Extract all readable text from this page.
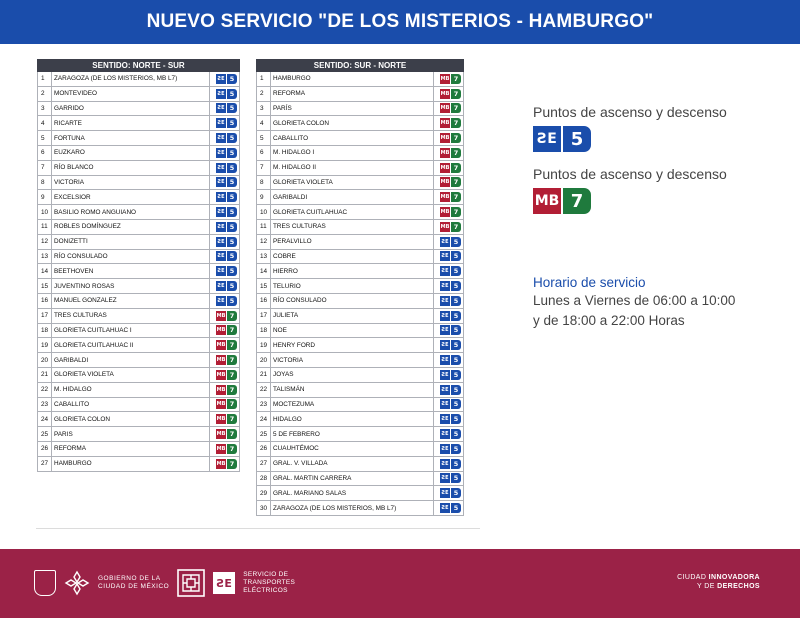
NUEVO SERVICIO "DE LOS MISTERIOS - HAMBURGO"
SENTIDO: NORTE - SUR		
1	ZARAGOZA (DE LOS MISTERIOS, MB L7)	ƧE 5
2	MONTEVIDEO	ƧE 5
3	GARRIDO	ƧE 5
4	RICARTE	ƧE 5
5	FORTUNA	ƧE 5
6	EUZKARO	ƧE 5
7	RÍO BLANCO	ƧE 5
8	VICTORIA	ƧE 5
9	EXCELSIOR	ƧE 5
10	BASILIO ROMO ANGUIANO	ƧE 5
11	ROBLES DOMÍNGUEZ	ƧE 5
12	DONIZETTI	ƧE 5
13	RÍO CONSULADO	ƧE 5
14	BEETHOVEN	ƧE 5
15	JUVENTINO ROSAS	ƧE 5
16	MANUEL GONZALEZ	ƧE 5
17	TRES CULTURAS	MB 7
18	GLORIETA CUITLAHUAC I	MB 7
19	GLORIETA CUITLAHUAC II	MB 7
20	GARIBALDI	MB 7
21	GLORIETA VIOLETA	MB 7
22	M. HIDALGO	MB 7
23	CABALLITO	MB 7
24	GLORIETA COLON	MB 7
25	PARIS	MB 7
26	REFORMA	MB 7
27	HAMBURGO	MB 7
SENTIDO: SUR - NORTE		
1	HAMBURGO	MB 7
2	REFORMA	MB 7
3	PARÍS	MB 7
4	GLORIETA COLON	MB 7
5	CABALLITO	MB 7
6	M. HIDALGO I	MB 7
7	M. HIDALGO II	MB 7
8	GLORIETA VIOLETA	MB 7
9	GARIBALDI	MB 7
10	GLORIETA CUITLAHUAC	MB 7
11	TRES CULTURAS	MB 7
12	PERALVILLO	ƧE 5
13	COBRE	ƧE 5
14	HIERRO	ƧE 5
15	TELURIO	ƧE 5
16	RÍO CONSULADO	ƧE 5
17	JULIETA	ƧE 5
18	NOE	ƧE 5
19	HENRY FORD	ƧE 5
20	VICTORIA	ƧE 5
21	JOYAS	ƧE 5
22	TALISMÁN	ƧE 5
23	MOCTEZUMA	ƧE 5
24	HIDALGO	ƧE 5
25	5 DE FEBRERO	ƧE 5
26	CUAUHTÉMOC	ƧE 5
27	GRAL. V. VILLADA	ƧE 5
28	GRAL. MARTIN CARRERA	ƧE 5
29	GRAL. MARIANO SALAS	ƧE 5
30	ZARAGOZA (DE LOS MISTERIOS, MB L7)	ƧE 5
Puntos de ascenso y descenso
ƧE 5
Puntos de ascenso y descenso
MB 7
Horario de servicio
Lunes a Viernes de 06:00 a 10:00
y de 18:00 a 22:00 Horas
GOBIERNO DE LA
CIUDAD DE MÉXICO	ƧE
SERVICIO DE
TRANSPORTES
ELÉCTRICOS
CIUDAD INNOVADORA
Y DE DERECHOS
